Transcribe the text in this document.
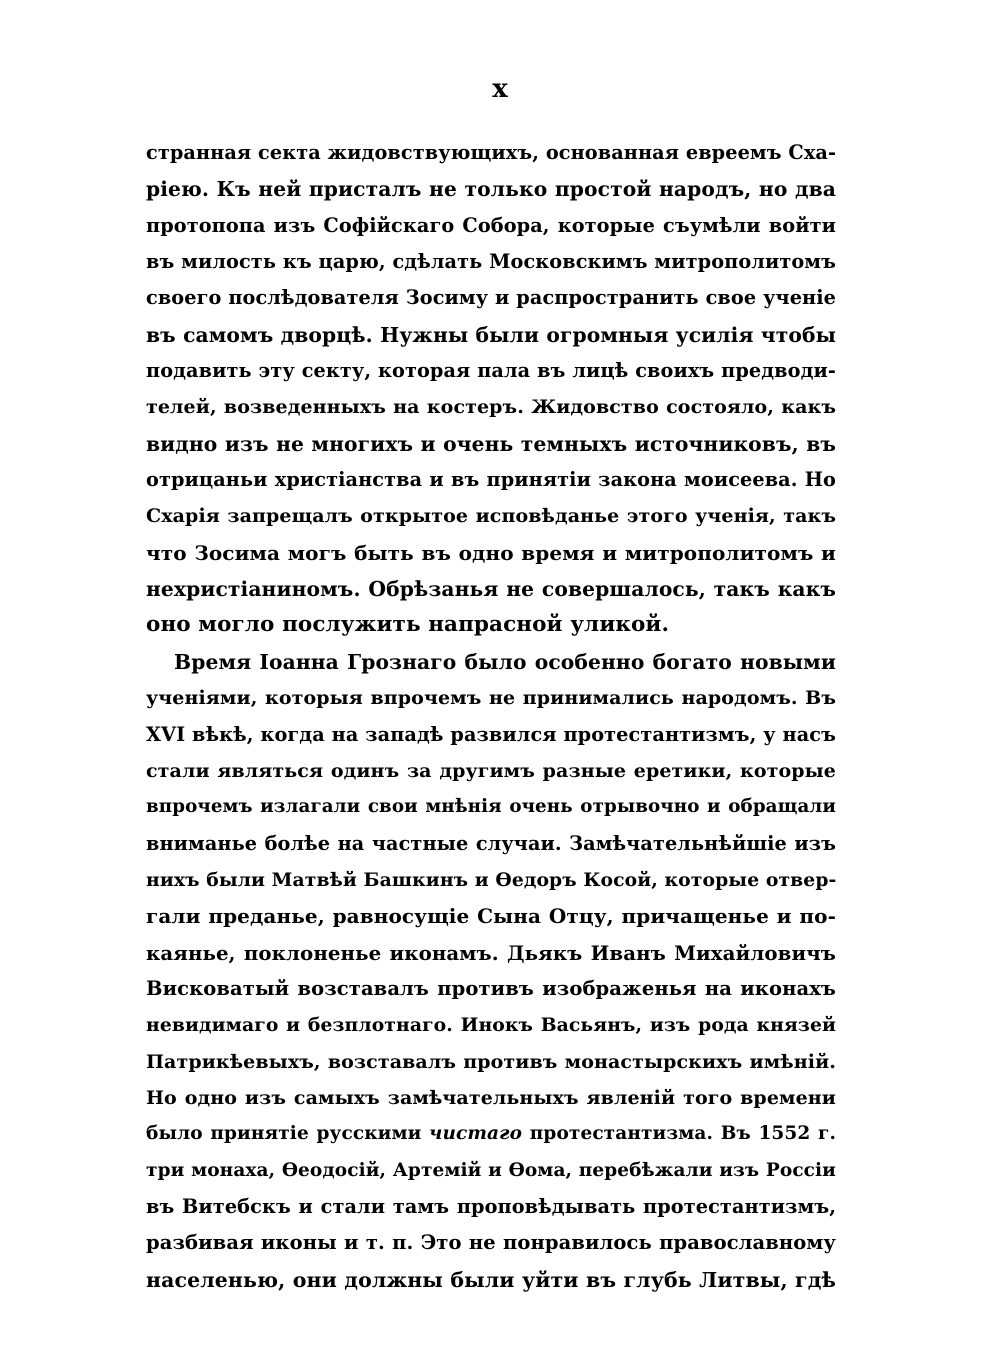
x
странная секта жидовствующихъ, основанная евреемъ Сха-
рiею. Къ ней присталъ не только простой народъ, но два
протопопа изъ Софiйскаго Собора, которые съумѣли войти
въ милость къ царю, сдѣлать Московскимъ митрополитомъ
своего послѣдователя Зосиму и распространить свое ученiе
въ самомъ дворцѣ. Нужны были огромныя усилiя чтобы
подавить эту секту, которая пала въ лицѣ своихъ предводи-
телей, возведенныхъ на костеръ. Жидовство состояло, какъ
видно изъ не многихъ и очень темныхъ источниковъ, въ
отрицаньи христiанства и въ принятiи закона моисеева. Но
Схарiя запрещалъ открытое исповѣданье этого ученiя, такъ
что Зосима могъ быть въ одно время и митрополитомъ и
нехристiаниномъ. Обрѣзанья не совершалось, такъ какъ
оно могло послужить напрасной уликой.
Время Iоанна Грознаго было особенно богато новыми
ученiями, которыя впрочемъ не принимались народомъ. Въ
XVI вѣкѣ, когда на западѣ развился протестантизмъ, у насъ
стали являться одинъ за другимъ разные еретики, которые
впрочемъ излагали свои мнѣнiя очень отрывочно и обращали
вниманье болѣе на частные случаи. Замѣчательнѣйшiе изъ
нихъ были Матвѣй Башкинъ и Ѳедоръ Косой, которые отвер-
гали преданье, равносущiе Сына Отцу, причащенье и по-
каянье, поклоненье иконамъ. Дьякъ Иванъ Михайловичъ
Висковатый возставалъ противъ изображенья на иконахъ
невидимаго и безплотнаго. Инокъ Васьянъ, изъ рода князей
Патрикѣевыхъ, возставалъ противъ монастырскихъ имѣнiй.
Но одно изъ самыхъ замѣчательныхъ явленiй того времени
было принятiе русскими чистаго протестантизма. Въ 1552 г.
три монаха, Ѳеодосiй, Артемiй и Ѳома, перебѣжали изъ Россiи
въ Витебскъ и стали тамъ проповѣдывать протестантизмъ,
разбивая иконы и т. п. Это не понравилось православному
населенью, они должны были уйти въ глубь Литвы, гдѣ
